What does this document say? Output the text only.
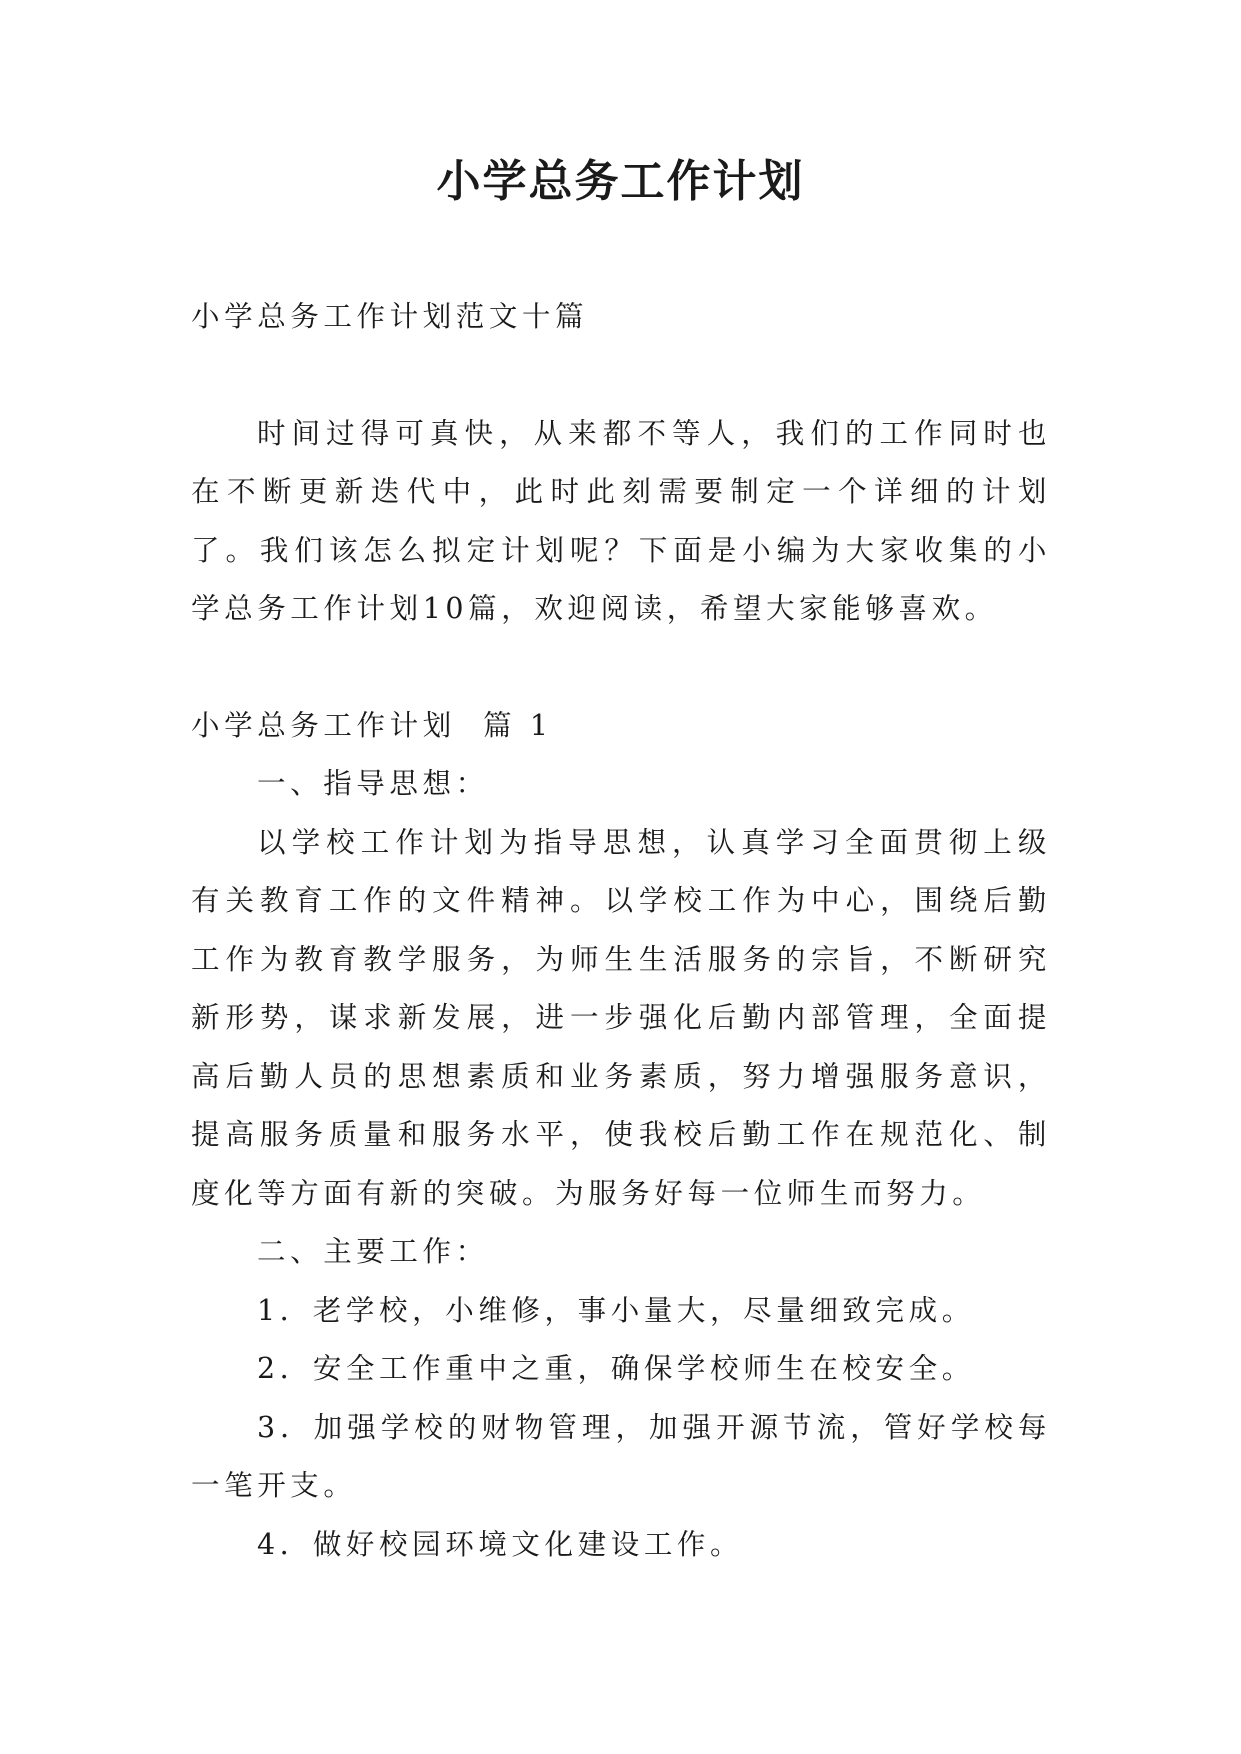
小学总务工作计划

小学总务工作计划范文十篇

时间过得可真快，从来都不等人，我们的工作同时也在不断更新迭代中，此时此刻需要制定一个详细的计划了。我们该怎么拟定计划呢？下面是小编为大家收集的小学总务工作计划10篇，欢迎阅读，希望大家能够喜欢。

小学总务工作计划  篇 1

一、指导思想：

以学校工作计划为指导思想，认真学习全面贯彻上级有关教育工作的文件精神。以学校工作为中心，围绕后勤工作为教育教学服务，为师生生活服务的宗旨，不断研究新形势，谋求新发展，进一步强化后勤内部管理，全面提高后勤人员的思想素质和业务素质，努力增强服务意识，提高服务质量和服务水平，使我校后勤工作在规范化、制度化等方面有新的突破。为服务好每一位师生而努力。

二、主要工作：

1．老学校，小维修，事小量大，尽量细致完成。

2．安全工作重中之重，确保学校师生在校安全。

3．加强学校的财物管理，加强开源节流，管好学校每一笔开支。

4．做好校园环境文化建设工作。
